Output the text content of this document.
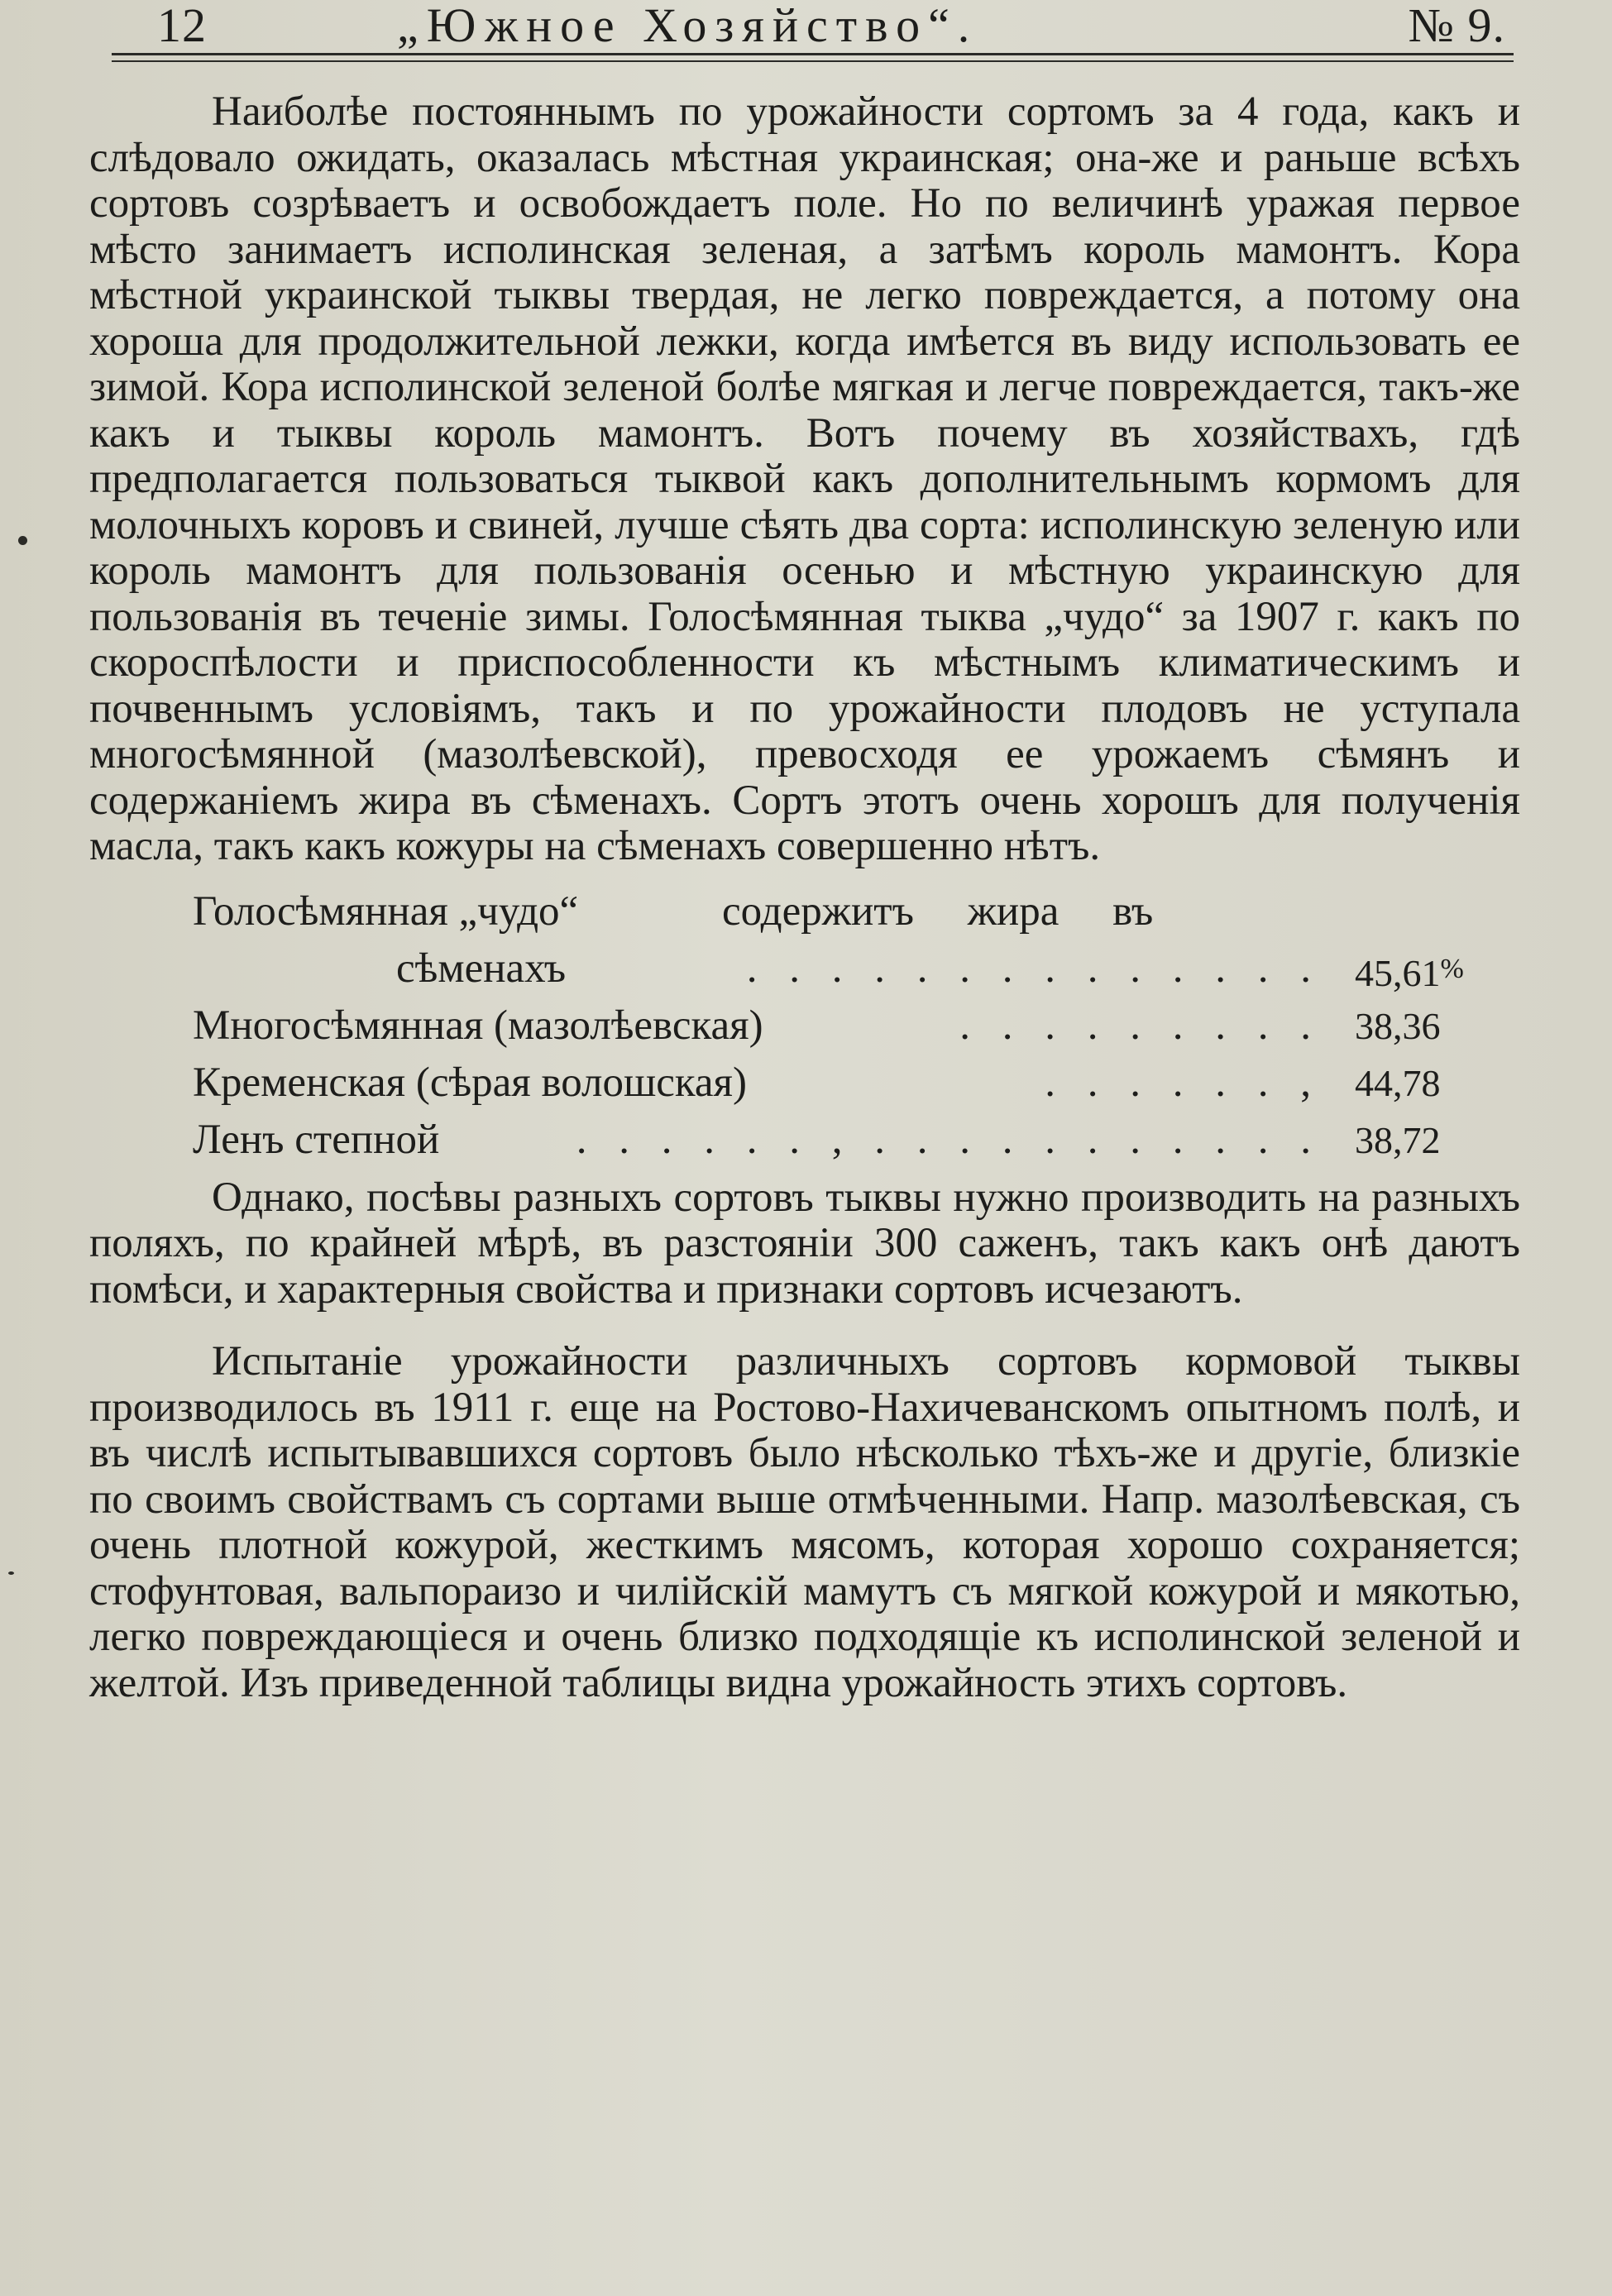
12	„Южное Хозяйство“.	№ 9.

Наиболѣе постояннымъ по урожайности сортомъ за 4 года, какъ и слѣдовало ожидать, оказалась мѣстная украинская; она-же и раньше всѣхъ сортовъ созрѣваетъ и освобождаетъ поле. Но по величинѣ уражая первое мѣсто занимаетъ исполинская зеленая, а затѣмъ король мамонтъ. Кора мѣстной украинской тыквы твердая, не легко повреждается, а потому она хороша для продолжительной лежки, когда имѣется въ виду использовать ее зимой. Кора исполинской зеленой болѣе мягкая и легче повреждается, такъ-же какъ и тыквы король мамонтъ. Вотъ почему въ хозяйствахъ, гдѣ предполагается пользоваться тыквой какъ дополнительнымъ кормомъ для молочныхъ коровъ и свиней, лучше сѣять два сорта: исполинскую зеленую или король мамонтъ для пользованія осенью и мѣстную украинскую для пользованія въ теченіе зимы. Голосѣмянная тыква „чудо“ за 1907 г. какъ по скороспѣлости и приспособленности къ мѣстнымъ климатическимъ и почвеннымъ условіямъ, такъ и по урожайности плодовъ не уступала многосѣмянной (мазолѣевской), превосходя ее урожаемъ сѣмянъ и содержаніемъ жира въ сѣменахъ. Сортъ этотъ очень хорошъ для полученія масла, такъ какъ кожуры на сѣменахъ совершенно нѣтъ.

Голосѣмянная „чудо“	содержитъ жира въ
сѣменахъ	. . . . . . . . . . . . . . 45,61%
Многосѣмянная (мазолѣевская)	. . . . . . . . . 38,36
Кременская (сѣрая волошская)	. . . . . . , 44,78
Ленъ степной	. . . . . . , . . . . . . . . . . . 38,72

Однако, посѣвы разныхъ сортовъ тыквы нужно производить на разныхъ поляхъ, по крайней мѣрѣ, въ разстояніи 300 саженъ, такъ какъ онѣ даютъ помѣси, и характерныя свойства и признаки сортовъ исчезаютъ.

Испытаніе урожайности различныхъ сортовъ кормовой тыквы производилось въ 1911 г. еще на Ростово-Нахичеванскомъ опытномъ полѣ, и въ числѣ испытывавшихся сортовъ было нѣсколько тѣхъ-же и другіе, близкіе по своимъ свойствамъ съ сортами выше отмѣченными. Напр. мазолѣевская, съ очень плотной кожурой, жесткимъ мясомъ, которая хорошо сохраняется; стофунтовая, вальпораизо и чилійскій мамутъ съ мягкой кожурой и мякотью, легко повреждающіеся и очень близко подходящіе къ исполинской зеленой и желтой. Изъ приведенной таблицы видна урожайность этихъ сортовъ.
